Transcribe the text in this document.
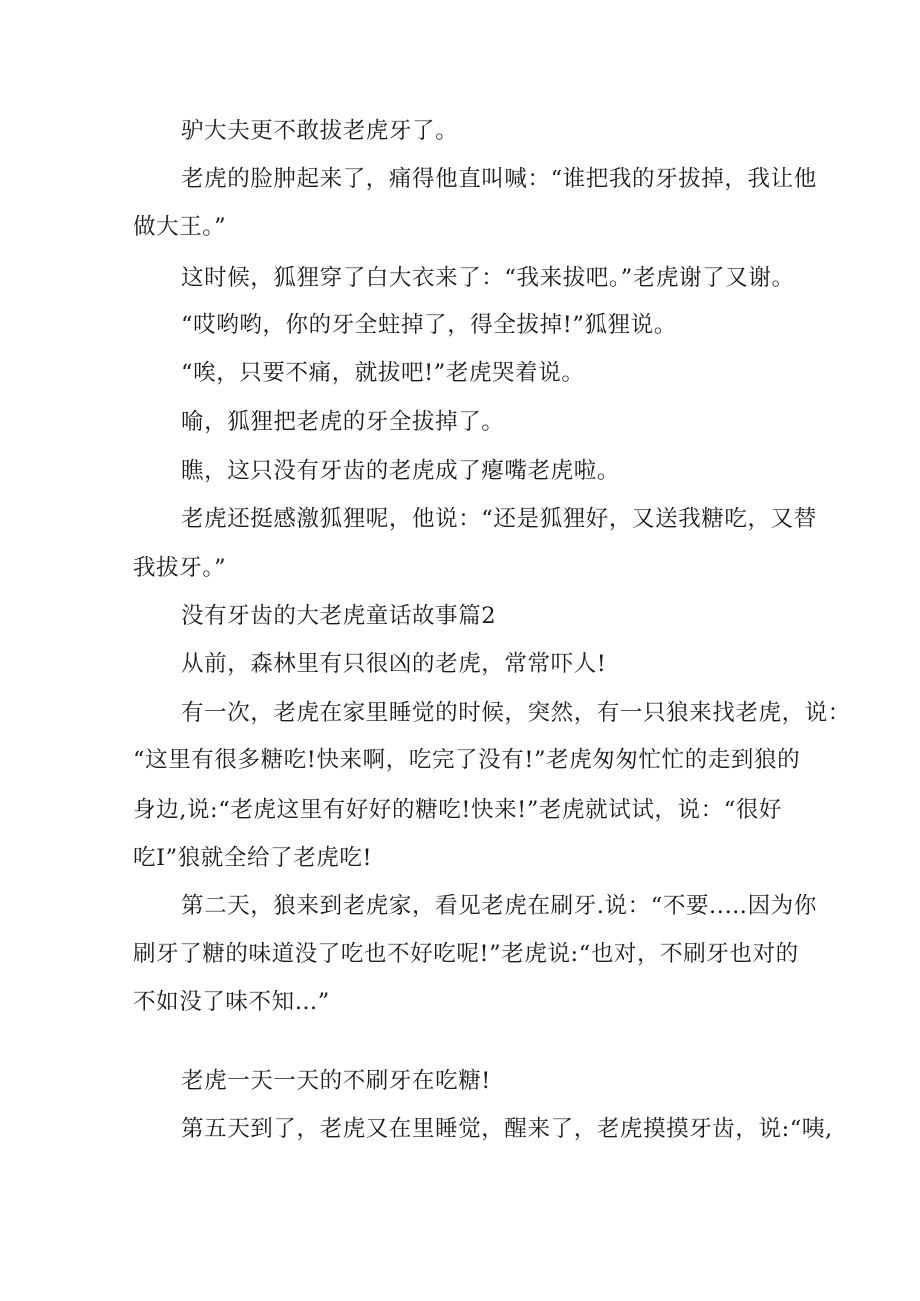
驴大夫更不敢拔老虎牙了。
老虎的脸肿起来了，痛得他直叫喊：“谁把我的牙拔掉，我让他
做大王。”
这时候，狐狸穿了白大衣来了：“我来拔吧。”老虎谢了又谢。
“哎哟哟，你的牙全蛀掉了，得全拔掉!”狐狸说。
“唉，只要不痛，就拔吧!”老虎哭着说。
喻，狐狸把老虎的牙全拔掉了。
瞧，这只没有牙齿的老虎成了瘪嘴老虎啦。
老虎还挺感激狐狸呢，他说：“还是狐狸好，又送我糖吃，又替
我拔牙。”
没有牙齿的大老虎童话故事篇2
从前，森林里有只很凶的老虎，常常吓人!
有一次，老虎在家里睡觉的时候，突然，有一只狼来找老虎，说：
“这里有很多糖吃!快来啊，吃完了没有!”老虎匆匆忙忙的走到狼的
身边,说:“老虎这里有好好的糖吃!快来!”老虎就试试，说：“很好
吃I”狼就全给了老虎吃!
第二天，狼来到老虎家，看见老虎在刷牙.说：“不要..…因为你
刷牙了糖的味道没了吃也不好吃呢!”老虎说:“也对，不刷牙也对的
不如没了味不知…”
老虎一天一天的不刷牙在吃糖!
第五天到了，老虎又在里睡觉，醒来了，老虎摸摸牙齿，说:“咦,
